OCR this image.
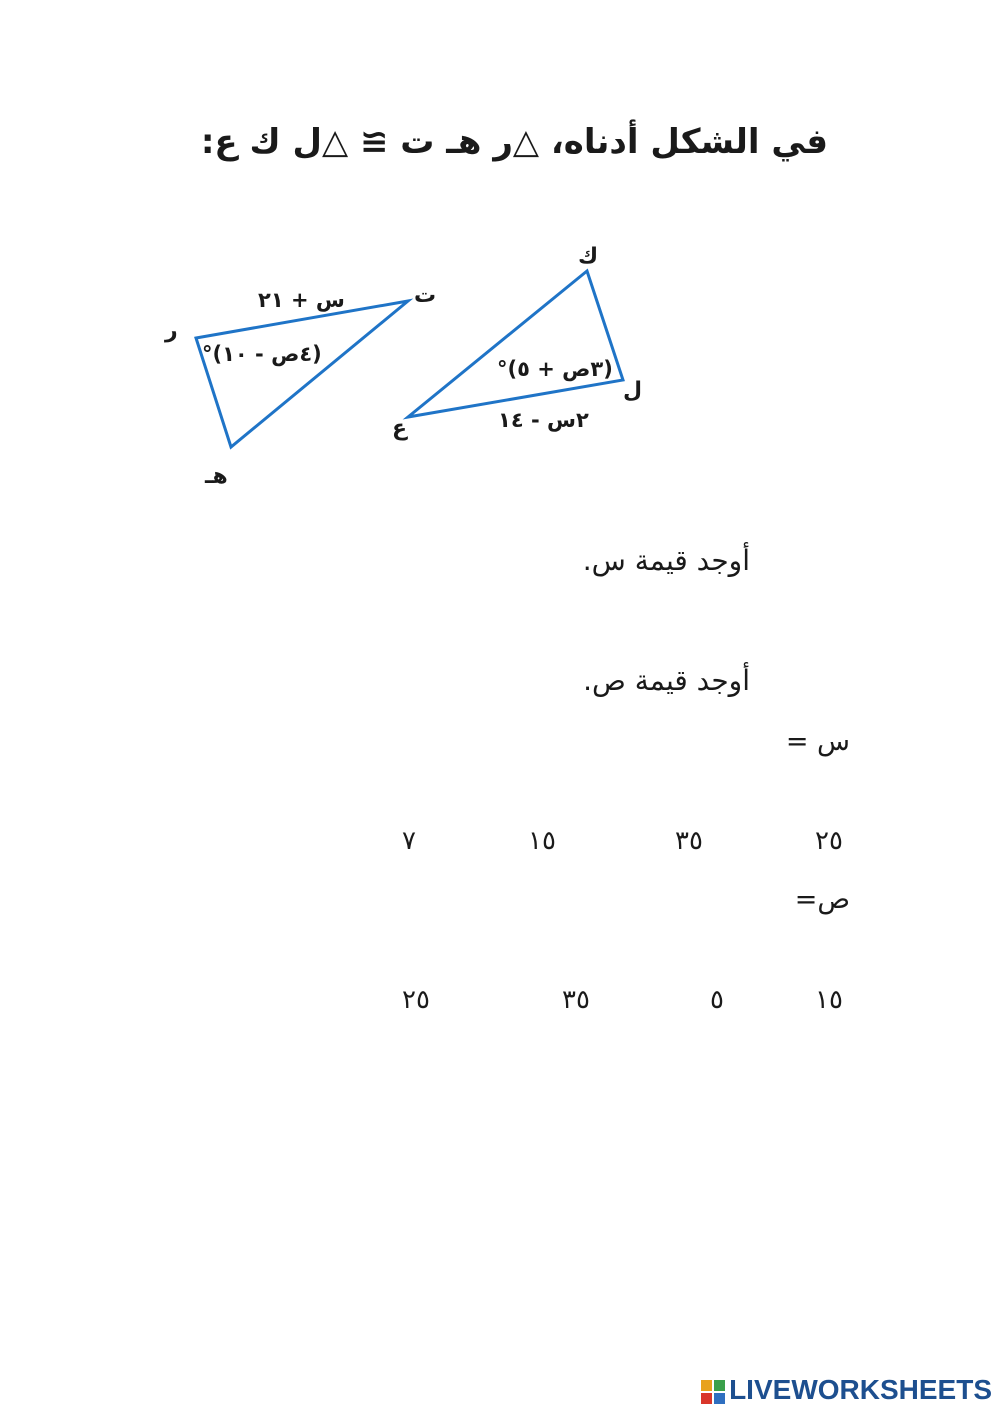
في الشكل أدناه، △ر هـ ت ≅ △ل ك ع:
ر
هـ
ت
س + ٢١
(٤ص - ١٠)°
ك
ل
ع	٢س - ١٤
(٣ص + ٥)°
أوجد قيمة س.
أوجد قيمة ص.
س =
٢٥
٣٥
١٥
٧
ص=
١٥
٥
٣٥
٢٥
LIVEWORKSHEETS
